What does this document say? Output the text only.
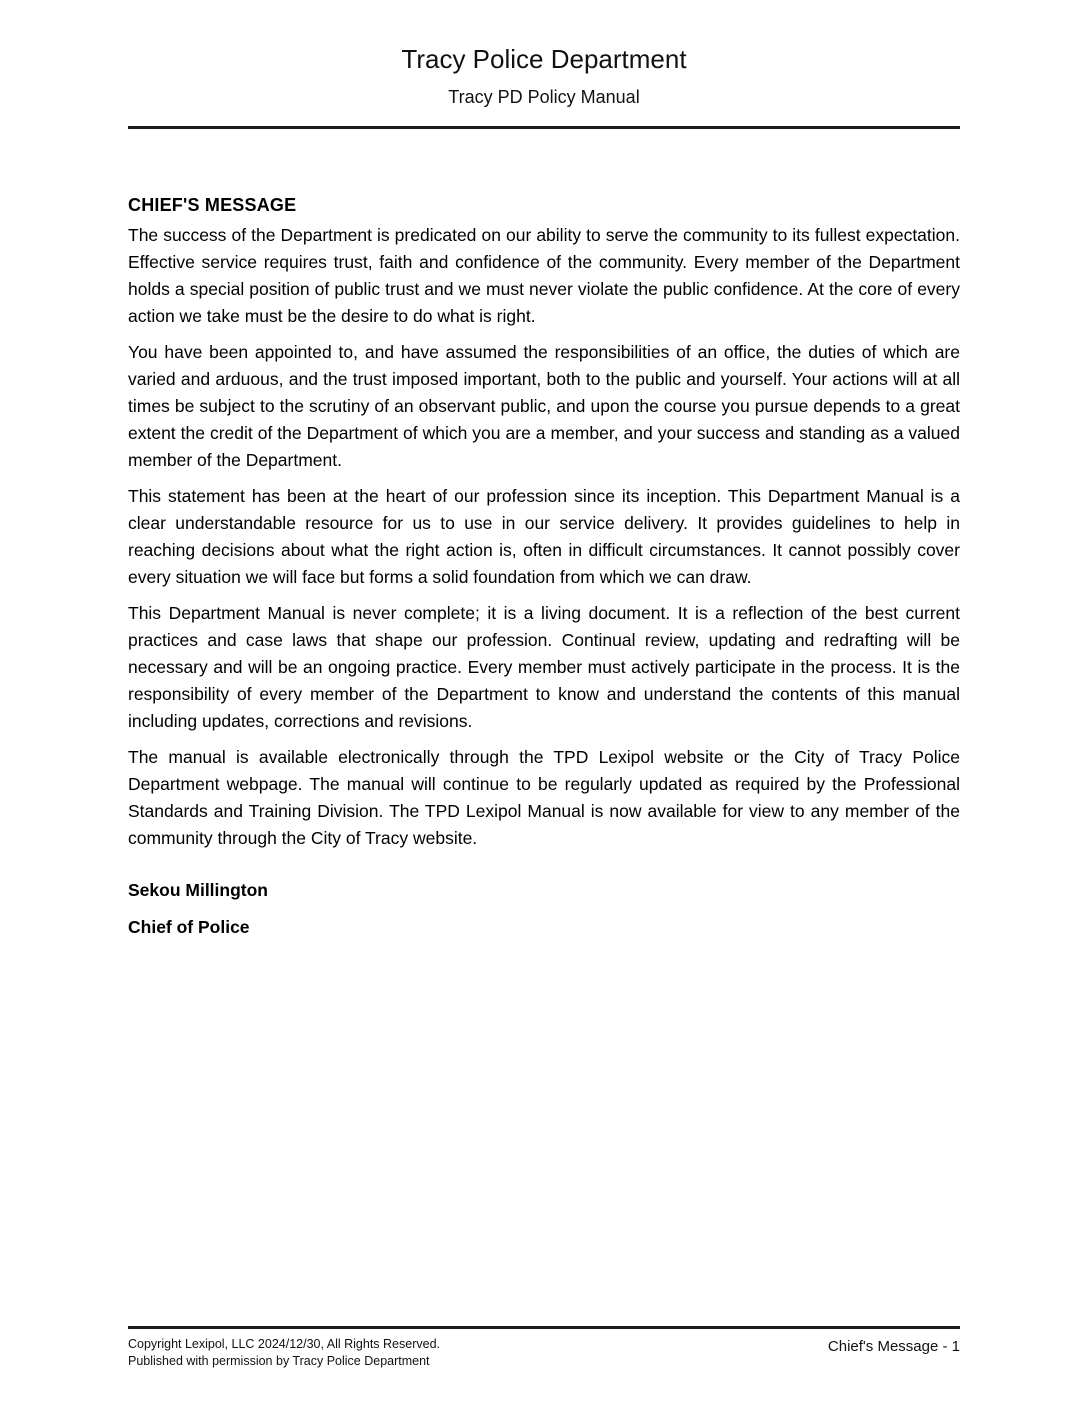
Tracy Police Department
Tracy PD Policy Manual
CHIEF'S MESSAGE

The success of the Department is predicated on our ability to serve the community to its fullest expectation. Effective service requires trust, faith and confidence of the community. Every member of the Department holds a special position of public trust and we must never violate the public confidence. At the core of every action we take must be the desire to do what is right.

You have been appointed to, and have assumed the responsibilities of an office, the duties of which are varied and arduous, and the trust imposed important, both to the public and yourself. Your actions will at all times be subject to the scrutiny of an observant public, and upon the course you pursue depends to a great extent the credit of the Department of which you are a member, and your success and standing as a valued member of the Department.

This statement has been at the heart of our profession since its inception. This Department Manual is a clear understandable resource for us to use in our service delivery. It provides guidelines to help in reaching decisions about what the right action is, often in difficult circumstances. It cannot possibly cover every situation we will face but forms a solid foundation from which we can draw.

This Department Manual is never complete; it is a living document. It is a reflection of the best current practices and case laws that shape our profession. Continual review, updating and redrafting will be necessary and will be an ongoing practice. Every member must actively participate in the process. It is the responsibility of every member of the Department to know and understand the contents of this manual including updates, corrections and revisions.

The manual is available electronically through the TPD Lexipol website or the City of Tracy Police Department webpage. The manual will continue to be regularly updated as required by the Professional Standards and Training Division. The TPD Lexipol Manual is now available for view to any member of the community through the City of Tracy website.

Sekou Millington

Chief of Police

Copyright Lexipol, LLC 2024/12/30, All Rights Reserved.
Published with permission by Tracy Police Department
Chief's Message - 1
